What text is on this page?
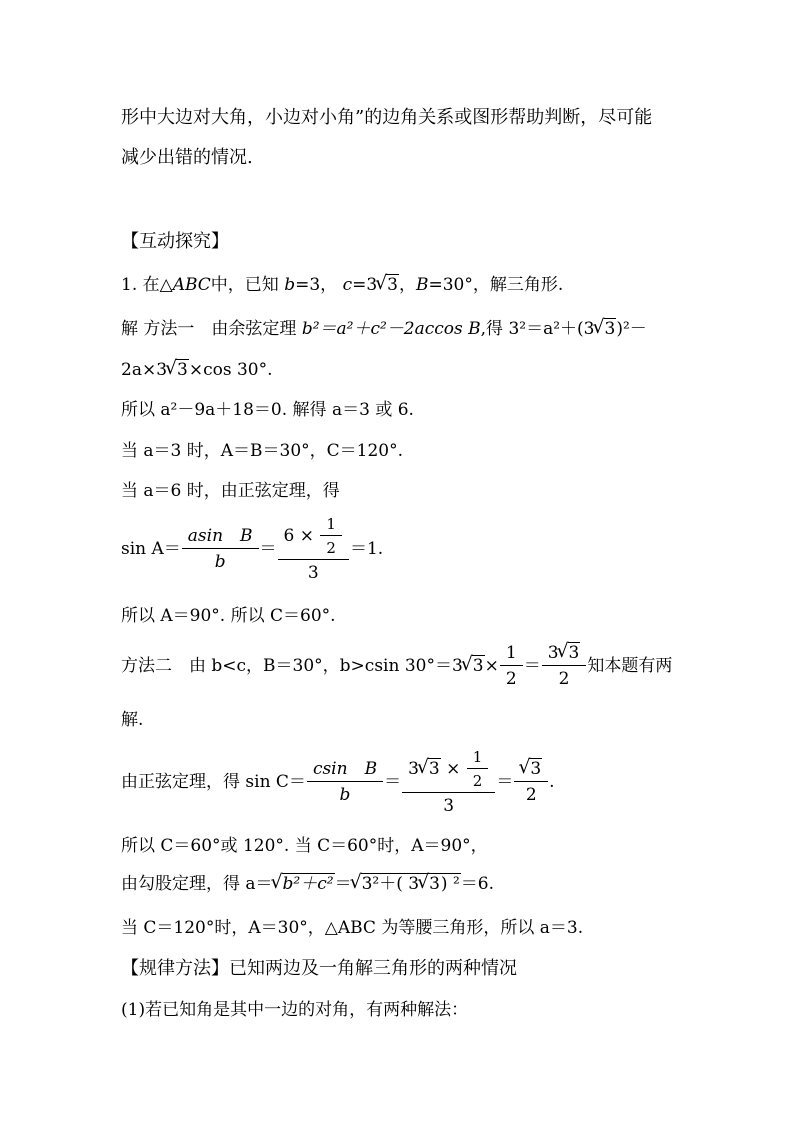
形中大边对大角，小边对小角”的边角关系或图形帮助判断，尽可能
减少出错的情况.
【互动探究】
1. 在△ABC中，已知 b=3， c=3 √ 3，B=30°，解三角形.
解 方法一　由余弦定理 b²＝a²＋c²－2accos B,得 3²＝a²＋(3 √ 3)²－
2a×3 √ 3×cos 30°.
所以 a²－9a＋18＝0. 解得 a＝3 或 6.
当 a＝3 时，A＝B＝30°，C＝120°.
当 a＝6 时，由正弦定理，得
$\sin A= \frac{\text{asin　B}}{b} = \frac{6 \times \frac{1}{2}}{3} =1$.
所以 A＝90°. 所以 C＝60°.
方法二　由 b<c，B＝30°，b>csin 30°＝3 √ $3\times \frac{1}{2} = \frac{3 √ 3}{2}$ 知本题有两
解.
由正弦定理，得 $\sin C= \frac{\text{csin　B}}{b} = \frac{3 √ 3 \times \frac{1}{2}}{3}$ ＝ √ $\frac{3}{2}$ .
所以 C＝60°或 120°. 当 C＝60°时，A＝90°，
由勾股定理，得 a＝ √ b²＋c²＝ √ 3²＋( 3 √ 3) ²＝6.
当 C＝120°时，A＝30°，△ABC 为等腰三角形，所以 a＝3.
【规律方法】已知两边及一角解三角形的两种情况
(1)若已知角是其中一边的对角，有两种解法：
